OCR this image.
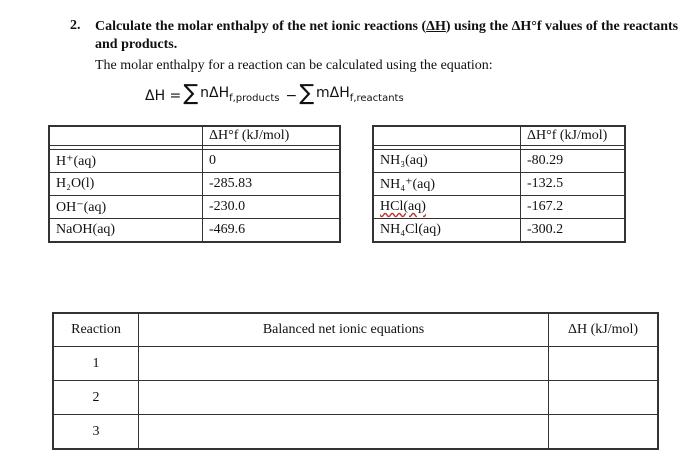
2. Calculate the molar enthalpy of the net ionic reactions (ΔH) using the ΔH°f values of the reactants and products.
The molar enthalpy for a reaction can be calculated using the equation:
ΔH = ∑ nΔH$_{f,products}$ − ∑ mΔH$_{f,reactants}$
	ΔH°f (kJ/mol)

H⁺(aq)	0
H₂O(l)	-285.83
OH⁻(aq)	-230.0
NaOH(aq)	-469.6
	ΔH°f (kJ/mol)

NH₃(aq)	-80.29
NH₄⁺(aq)	-132.5
HCl(aq)	-167.2
NH₄Cl(aq)	-300.2
Reaction	Balanced net ionic equations	ΔH (kJ/mol)
1		
2		
3		
